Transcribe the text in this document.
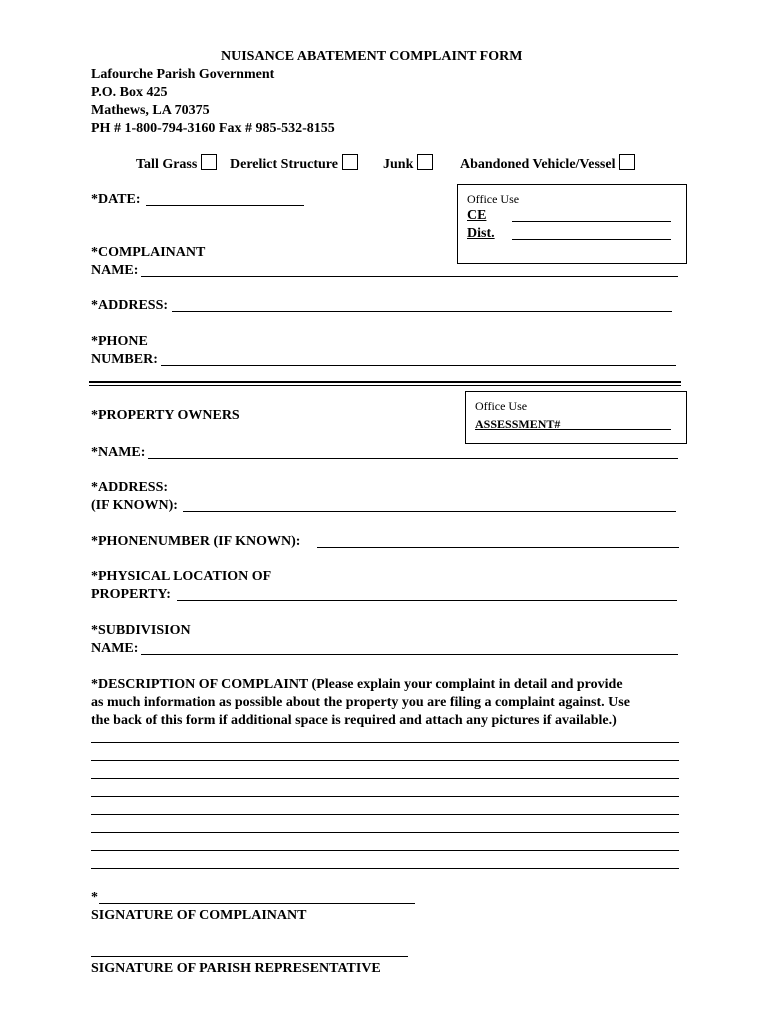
NUISANCE ABATEMENT COMPLAINT FORM
Lafourche Parish Government
P.O. Box 425
Mathews, LA 70375
PH # 1-800-794-3160 Fax # 985-532-8155
Tall Grass	Derelict Structure	Junk	Abandoned Vehicle/Vessel
*DATE:	Office Use
CE
Dist.
*COMPLAINANT
NAME:
*ADDRESS:
*PHONE
NUMBER:
Office Use
ASSESSMENT#
*PROPERTY OWNERS
*NAME:
*ADDRESS:
(IF KNOWN):
*PHONENUMBER (IF KNOWN):
*PHYSICAL LOCATION OF
PROPERTY:
*SUBDIVISION
NAME:
*DESCRIPTION OF COMPLAINT (Please explain your complaint in detail and provide
as much information as possible about the property you are filing a complaint against. Use
the back of this form if additional space is required and attach any pictures if available.)
*
SIGNATURE OF COMPLAINANT
SIGNATURE OF PARISH REPRESENTATIVE
